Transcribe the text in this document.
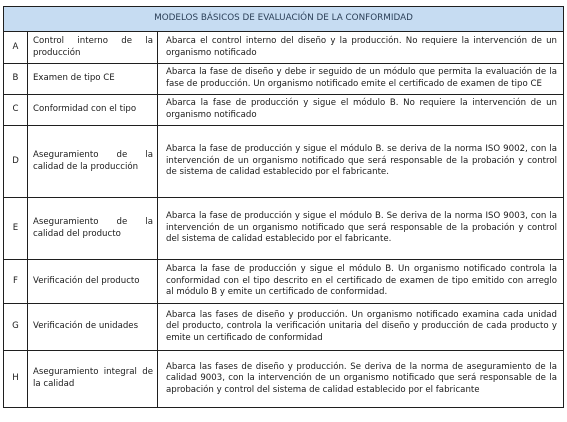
MODELOS BÁSICOS DE EVALUACIÓN DE LA CONFORMIDAD		
A	Control interno de la producción	Abarca el control interno del diseño y la producción. No requiere la intervención de un organismo notificado
B	Examen de tipo CE	Abarca la fase de diseño y debe ir seguido de un módulo que permita la evaluación de la fase de producción. Un organismo notificado emite el certificado de examen de tipo CE
C	Conformidad con el tipo	Abarca la fase de producción y sigue el módulo B. No requiere la intervención de un organismo notificado
D	Aseguramiento de la calidad de la producción	Abarca la fase de producción y sigue el módulo B. se deriva de la norma ISO 9002, con la intervención de un organismo notificado que será responsable de la probación y control de sistema de calidad establecido por el fabricante.
E	Aseguramiento de la calidad del producto	Abarca la fase de producción y sigue el módulo B. Se deriva de la norma ISO 9003, con la intervención de un organismo notificado que será responsable de la probación y control del sistema de calidad establecido por el fabricante.
F	Verificación del producto	Abarca la fase de producción y sigue el módulo B. Un organismo notificado controla la conformidad con el tipo descrito en el certificado de examen de tipo emitido con arreglo al módulo B y emite un certificado de conformidad.
G	Verificación de unidades	Abarca las fases de diseño y producción. Un organismo notificado examina cada unidad del producto, controla la verificación unitaria del diseño y producción de cada producto y emite un certificado de conformidad
H	Aseguramiento integral de la calidad	Abarca las fases de diseño y producción. Se deriva de la norma de aseguramiento de la calidad 9003, con la intervención de un organismo notificado que será responsable de la aprobación y control del sistema de calidad establecido por el fabricante
